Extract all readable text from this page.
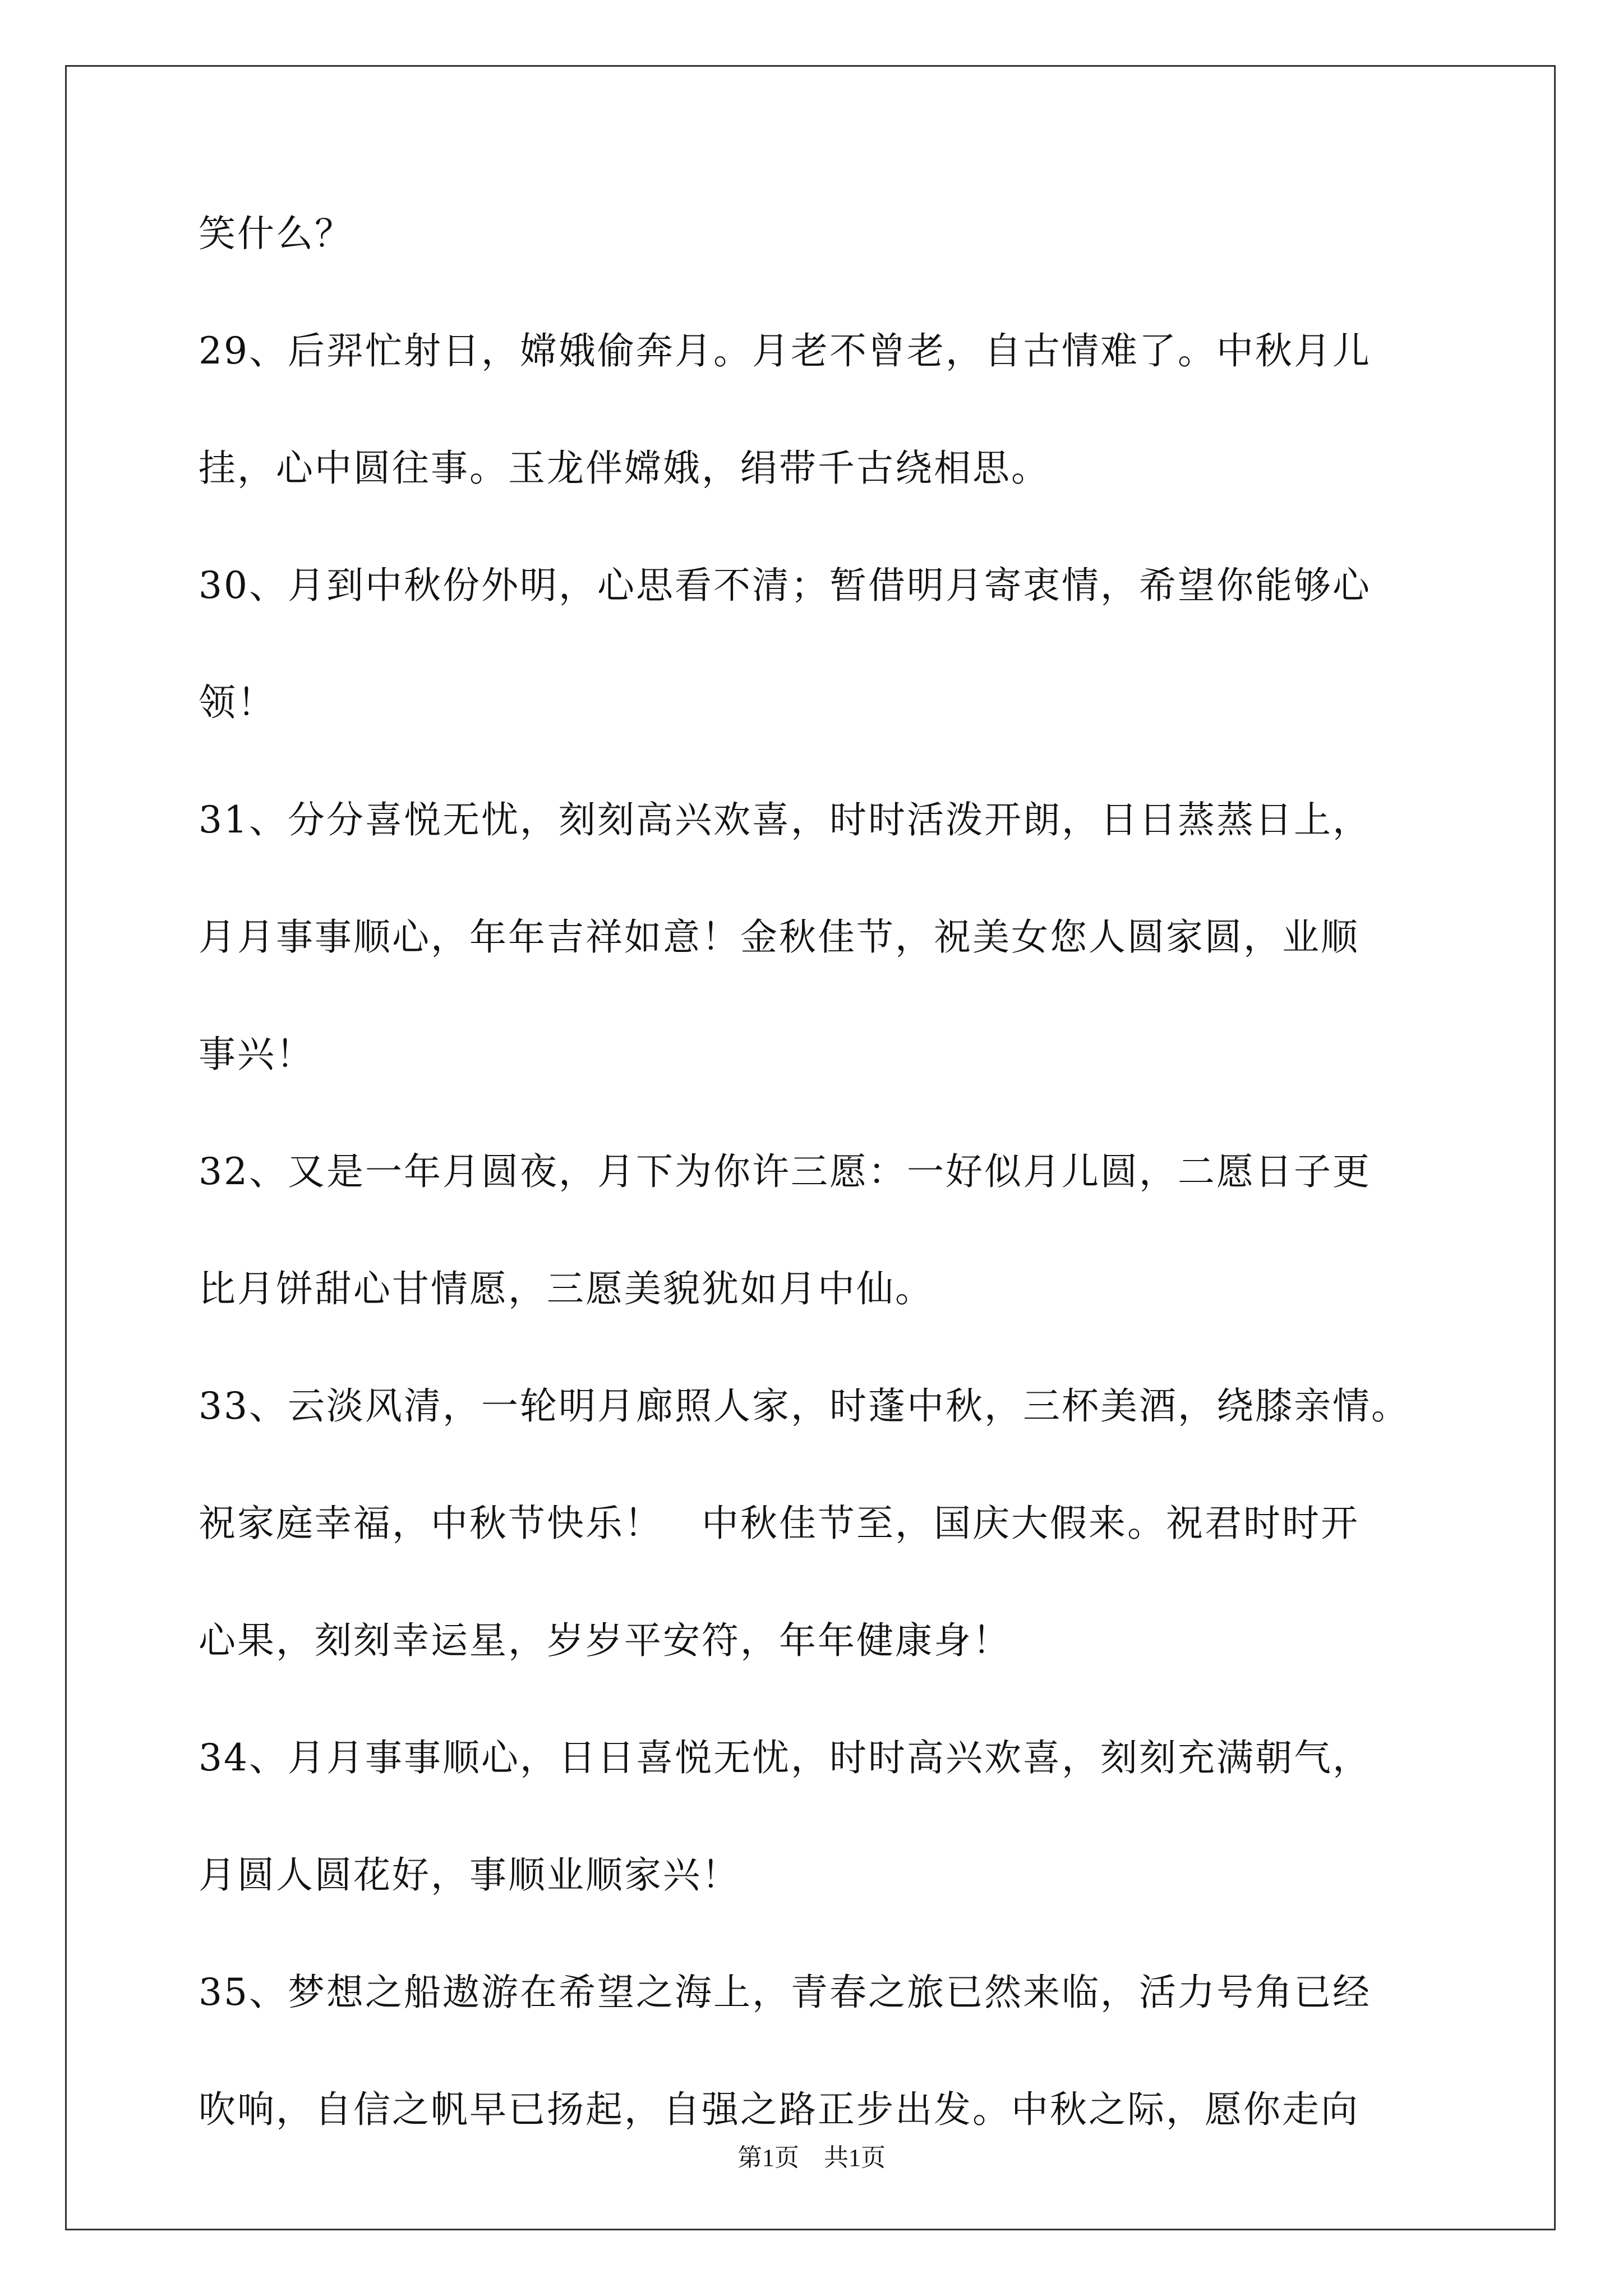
笑什么？
29、后羿忙射日，嫦娥偷奔月。月老不曾老，自古情难了。中秋月儿
挂，心中圆往事。玉龙伴嫦娥，绢带千古绕相思。
30、月到中秋份外明，心思看不清；暂借明月寄衷情，希望你能够心
领！
31、分分喜悦无忧，刻刻高兴欢喜，时时活泼开朗，日日蒸蒸日上，
月月事事顺心，年年吉祥如意！金秋佳节，祝美女您人圆家圆，业顺
事兴！
32、又是一年月圆夜，月下为你许三愿：一好似月儿圆，二愿日子更
比月饼甜心甘情愿，三愿美貌犹如月中仙。
33、云淡风清，一轮明月廊照人家，时蓬中秋，三杯美酒，绕膝亲情。
祝家庭幸福，中秋节快乐！　中秋佳节至，国庆大假来。祝君时时开
心果，刻刻幸运星，岁岁平安符，年年健康身！
34、月月事事顺心，日日喜悦无忧，时时高兴欢喜，刻刻充满朝气，
月圆人圆花好，事顺业顺家兴！
35、梦想之船遨游在希望之海上，青春之旅已然来临，活力号角已经
吹响，自信之帆早已扬起，自强之路正步出发。中秋之际，愿你走向
第1页　共1页
